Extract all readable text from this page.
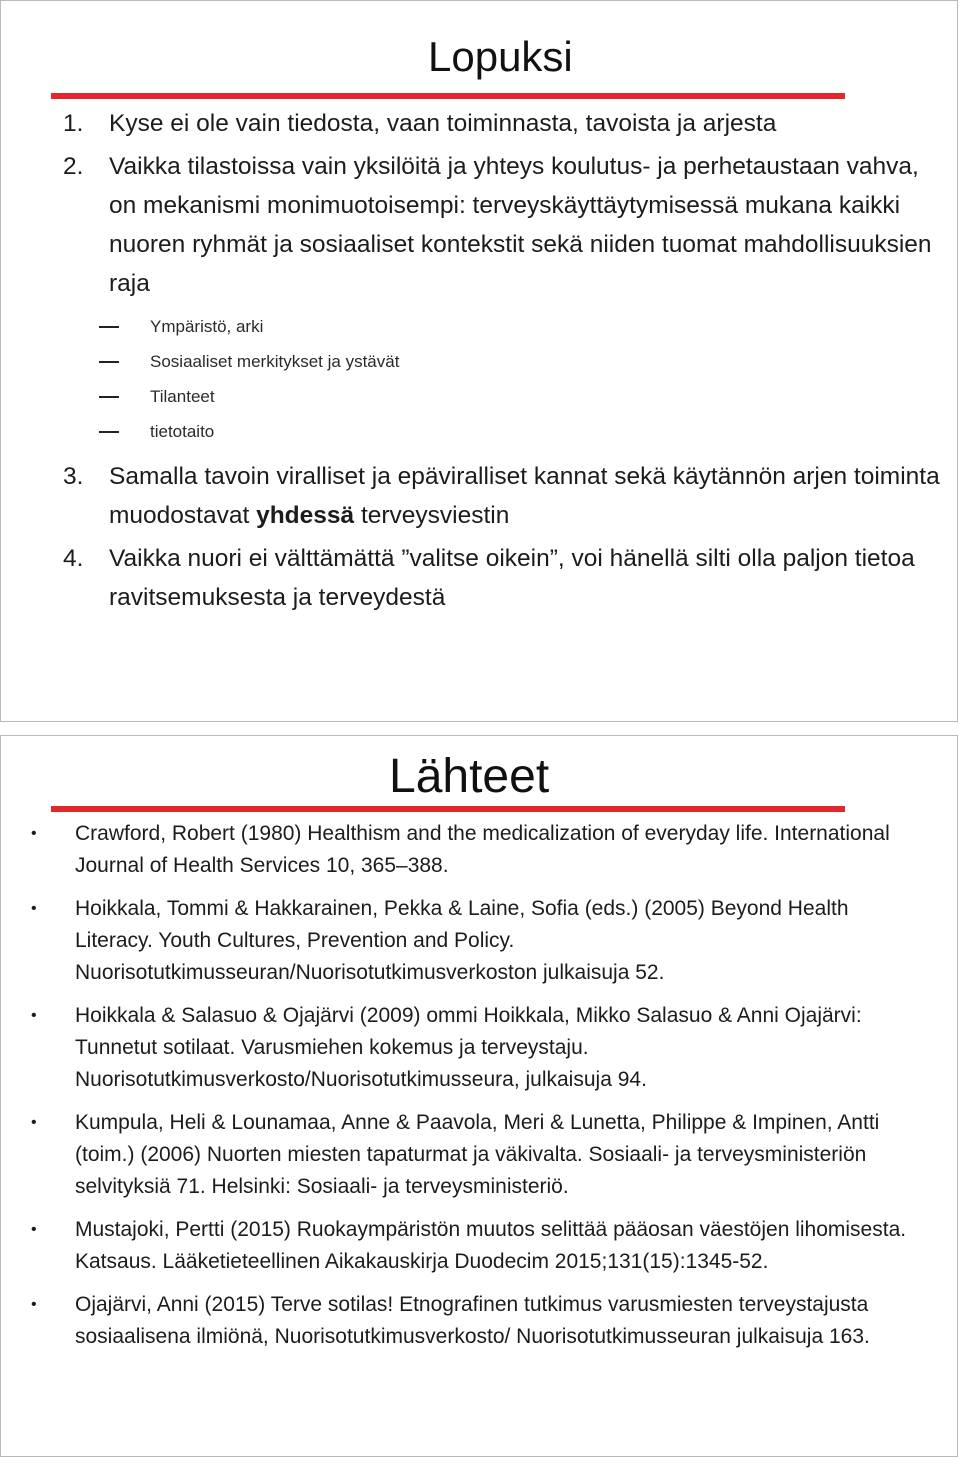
Lopuksi
1. Kyse ei ole vain tiedosta, vaan toiminnasta, tavoista ja arjesta
2. Vaikka tilastoissa vain yksilöitä ja yhteys koulutus- ja perhetaustaan vahva, on mekanismi monimuotoisempi: terveyskäyttäytymisessä mukana kaikki nuoren ryhmät ja sosiaaliset kontekstit sekä niiden tuomat mahdollisuuksien raja
Ympäristö, arki
Sosiaaliset merkitykset ja ystävät
Tilanteet
tietotaito
3. Samalla tavoin viralliset ja epäviralliset kannat sekä käytännön arjen toiminta muodostavat yhdessä terveysviestin
4. Vaikka nuori ei välttämättä ”valitse oikein”, voi hänellä silti olla paljon tietoa ravitsemuksesta ja terveydestä
Lähteet
• Crawford, Robert (1980) Healthism and the medicalization of everyday life. International Journal of Health Services 10, 365–388.
• Hoikkala, Tommi & Hakkarainen, Pekka & Laine, Sofia (eds.) (2005) Beyond Health Literacy. Youth Cultures, Prevention and Policy. Nuorisotutkimusseuran/Nuorisotutkimusverkoston julkaisuja 52.
• Hoikkala & Salasuo & Ojajärvi (2009) ommi Hoikkala, Mikko Salasuo & Anni Ojajärvi: Tunnetut sotilaat. Varusmiehen kokemus ja terveystaju. Nuorisotutkimusverkosto/Nuorisotutkimusseura, julkaisuja 94.
• Kumpula, Heli & Lounamaa, Anne & Paavola, Meri & Lunetta, Philippe & Impinen, Antti (toim.) (2006) Nuorten miesten tapaturmat ja väkivalta. Sosiaali- ja terveysministeriön selvityksiä 71. Helsinki: Sosiaali- ja terveysministeriö.
• Mustajoki, Pertti (2015) Ruokaympäristön muutos selittää pääosan väestöjen lihomisesta. Katsaus. Lääketieteellinen Aikakauskirja Duodecim 2015;131(15):1345-52.
• Ojajärvi, Anni (2015) Terve sotilas! Etnografinen tutkimus varusmiesten terveystajusta sosiaalisena ilmiönä, Nuorisotutkimusverkosto/ Nuorisotutkimusseuran julkaisuja 163.
